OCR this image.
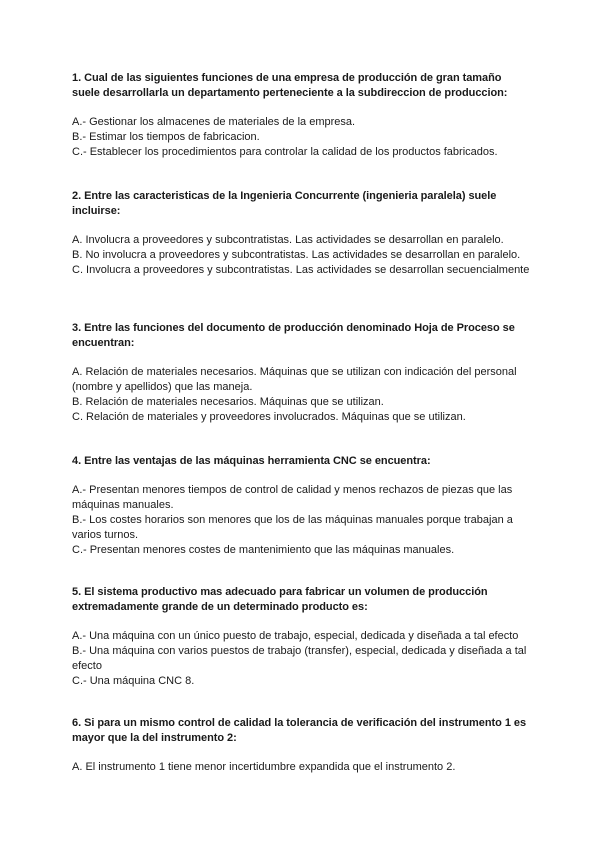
1. Cual de las siguientes funciones de una empresa de producción de gran tamaño suele desarrollarla un departamento perteneciente a la subdireccion de produccion:

A.- Gestionar los almacenes de materiales de la empresa.

B.- Estimar los tiempos de fabricacion.

C.- Establecer los procedimientos para controlar la calidad de los productos fabricados.

2. Entre las caracteristicas de la Ingenieria Concurrente (ingenieria paralela) suele incluirse:

A. Involucra a proveedores y subcontratistas. Las actividades se desarrollan en paralelo.

B. No involucra a proveedores y subcontratistas. Las actividades se desarrollan en paralelo.

C. Involucra a proveedores y subcontratistas. Las actividades se desarrollan secuencialmente

3. Entre las funciones del documento de producción denominado Hoja de Proceso se encuentran:

A. Relación de materiales necesarios. Máquinas que se utilizan con indicación del personal (nombre y apellidos) que las maneja.

B. Relación de materiales necesarios. Máquinas que se utilizan.

C. Relación de materiales y proveedores involucrados. Máquinas que se utilizan.

4. Entre las ventajas de las máquinas herramienta CNC se encuentra:

A.- Presentan menores tiempos de control de calidad y menos rechazos de piezas que las máquinas manuales.

B.- Los costes horarios son menores que los de las máquinas manuales porque trabajan a varios turnos.

C.- Presentan menores costes de mantenimiento que las máquinas manuales.

5. El sistema productivo mas adecuado para fabricar un volumen de producción extremadamente grande de un determinado producto es:

A.- Una máquina con un único puesto de trabajo, especial, dedicada y diseñada a tal efecto

B.- Una máquina con varios puestos de trabajo (transfer), especial, dedicada y diseñada a tal efecto

C.- Una máquina CNC 8.

6. Si para un mismo control de calidad la tolerancia de verificación del instrumento 1 es mayor que la del instrumento 2:

A. El instrumento 1 tiene menor incertidumbre expandida que el instrumento 2.
